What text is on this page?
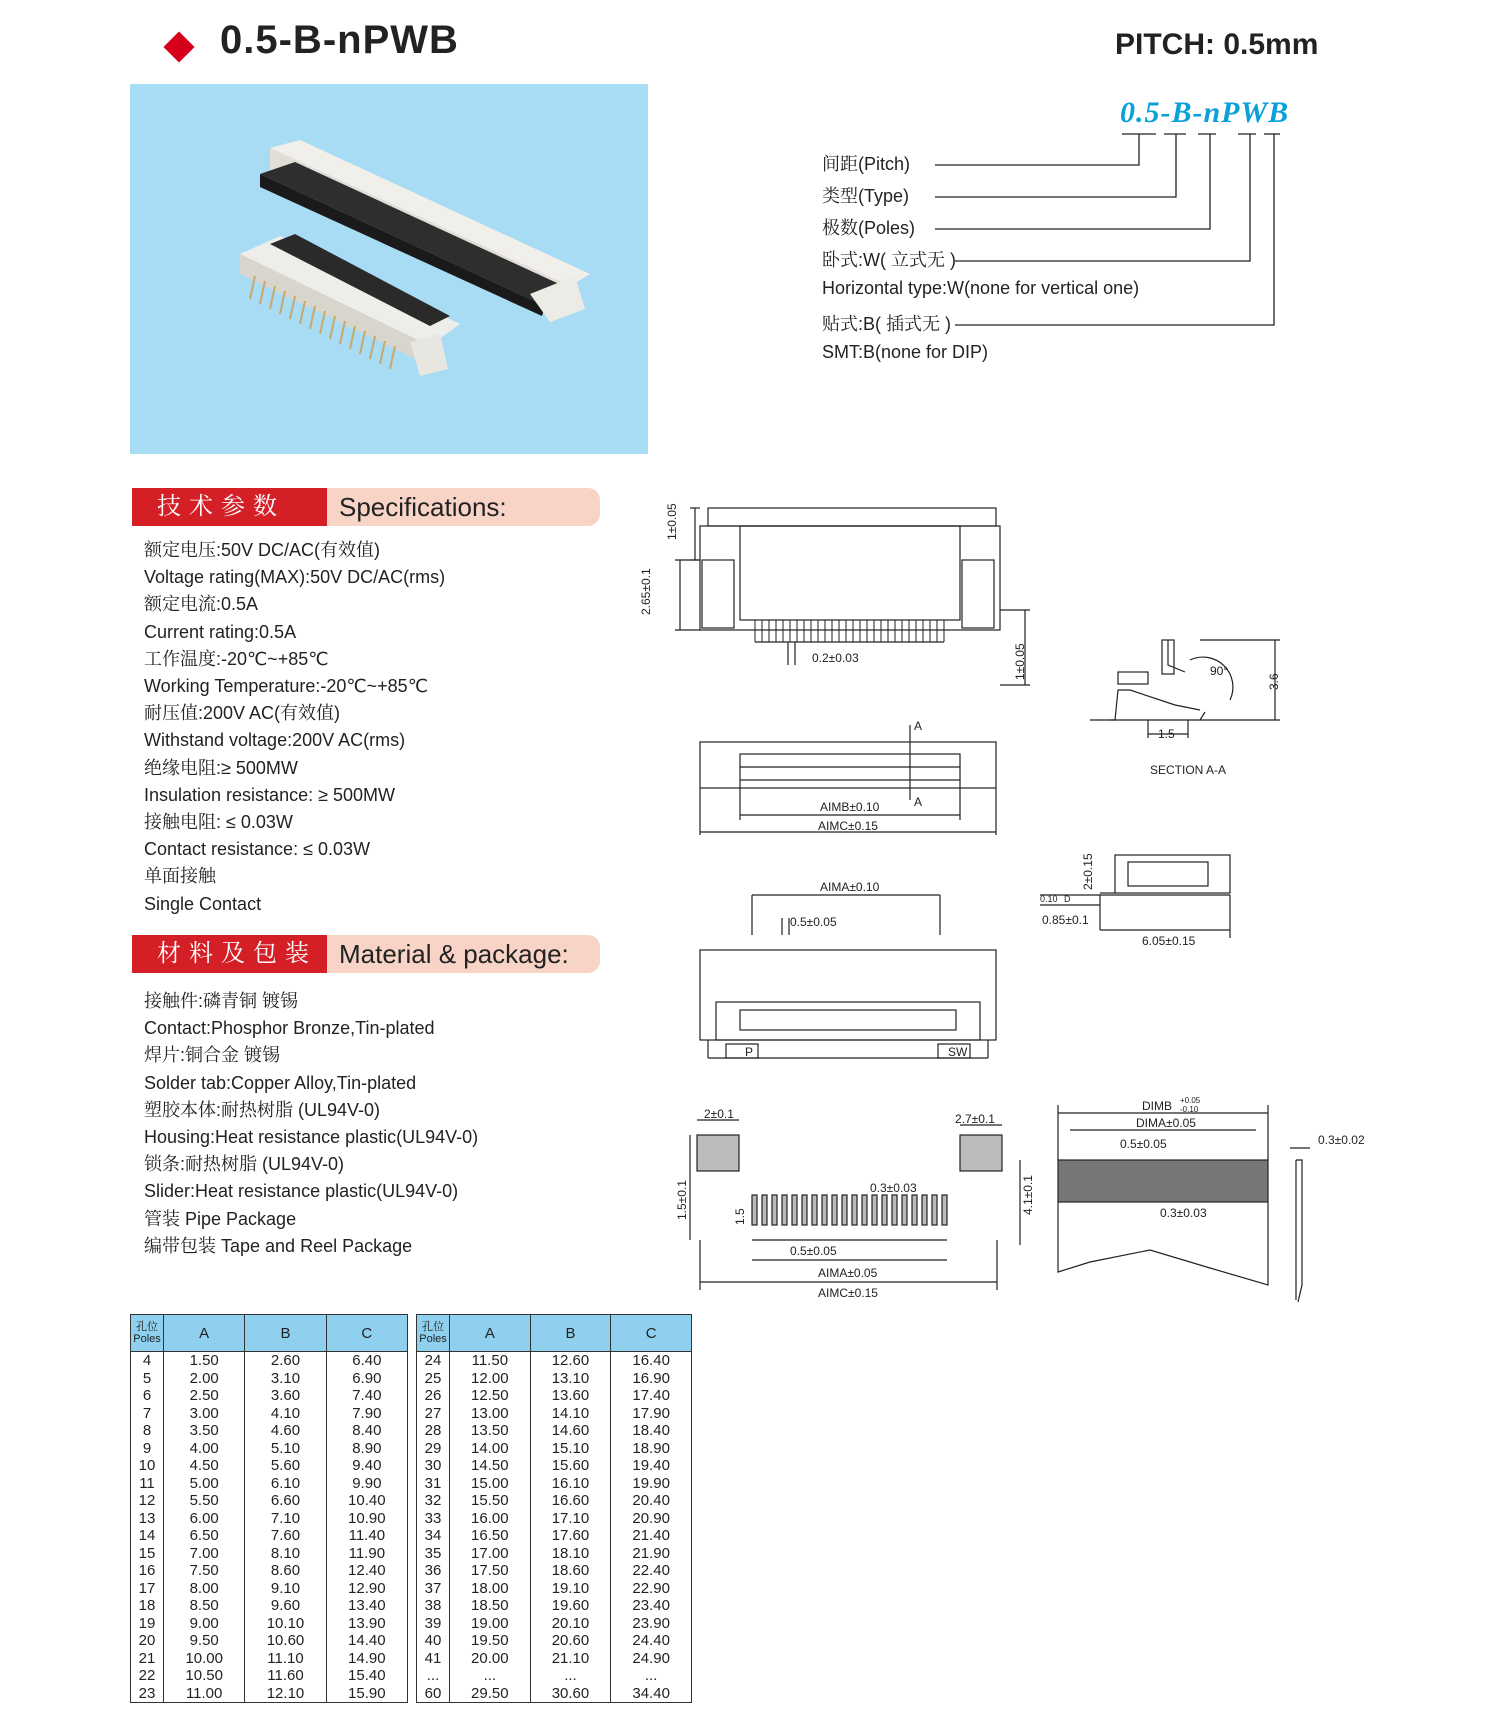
0.5-B-nPWB	PITCH: 0.5mm
0.5-B-nPWB
间距(Pitch)
类型(Type)
极数(Poles)
卧式:W( 立式无 )
Horizontal type:W(none for vertical one)
贴式:B( 插式无 )
SMT:B(none for DIP)
技术参数	Specifications:
额定电压:50V DC/AC(有效值)
Voltage rating(MAX):50V DC/AC(rms)
额定电流:0.5A
Current rating:0.5A
工作温度:-20℃~+85℃
Working Temperature:-20℃~+85℃
耐压值:200V AC(有效值)
Withstand voltage:200V AC(rms)
绝缘电阻:≥ 500MW
Insulation resistance: ≥ 500MW
接触电阻: ≤ 0.03W
Contact resistance: ≤ 0.03W
单面接触
Single Contact
材料及包装 Material & package:
接触件:磷青铜 镀锡
Contact:Phosphor Bronze,Tin-plated
焊片:铜合金 镀锡
Solder tab:Copper Alloy,Tin-plated
塑胶本体:耐热树脂 (UL94V-0)
Housing:Heat resistance plastic(UL94V-0)
锁条:耐热树脂 (UL94V-0)
Slider:Heat resistance plastic(UL94V-0)
管装 Pipe Package
编带包装 Tape and Reel Package
1±0.05
2.65±0.1
0.2±0.03	1±0.05	90°
3.6
1.5
SECTION A-A
A
A
AIMB±0.10
AIMC±0.15
AIMA±0.10
0.5±0.05
P	SW
2±0.15
0.10 D
0.85±0.1
6.05±0.15
2±0.1	2.7±0.1
1.5±0.1	1.5
0.3±0.03	4.1±0.1
0.5±0.05
AIMA±0.05
AIMC±0.15
DIMB +0.05
-0.10
DIMA±0.05
0.5±0.05
0.3±0.03
0.3±0.02
孔位 Poles	A	B	C
4	1.50	2.60	6.40
5	2.00	3.10	6.90
6	2.50	3.60	7.40
7	3.00	4.10	7.90
8	3.50	4.60	8.40
9	4.00	5.10	8.90
10	4.50	5.60	9.40
11	5.00	6.10	9.90
12	5.50	6.60	10.40
13	6.00	7.10	10.90
14	6.50	7.60	11.40
15	7.00	8.10	11.90
16	7.50	8.60	12.40
17	8.00	9.10	12.90
18	8.50	9.60	13.40
19	9.00	10.10	13.90
20	9.50	10.60	14.40
21	10.00	11.10	14.90
22	10.50	11.60	15.40
23	11.00	12.10	15.90
孔位 Poles	A	B	C
24	11.50	12.60	16.40
25	12.00	13.10	16.90
26	12.50	13.60	17.40
27	13.00	14.10	17.90
28	13.50	14.60	18.40
29	14.00	15.10	18.90
30	14.50	15.60	19.40
31	15.00	16.10	19.90
32	15.50	16.60	20.40
33	16.00	17.10	20.90
34	16.50	17.60	21.40
35	17.00	18.10	21.90
36	17.50	18.60	22.40
37	18.00	19.10	22.90
38	18.50	19.60	23.40
39	19.00	20.10	23.90
40	19.50	20.60	24.40
41	20.00	21.10	24.90
...	...	...	...
60	29.50	30.60	34.40
